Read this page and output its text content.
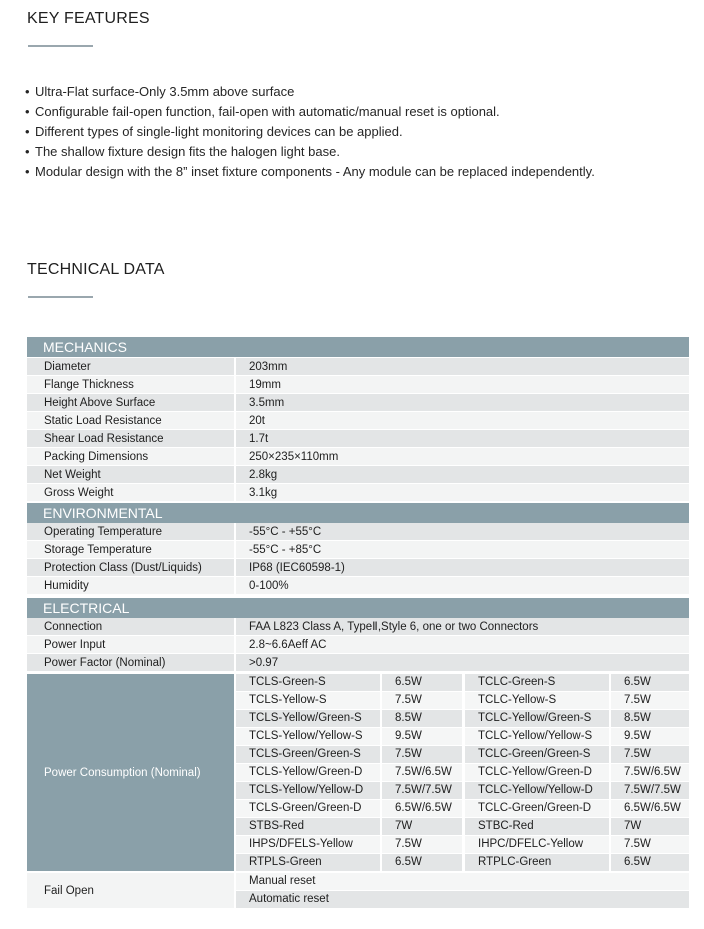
KEY FEATURES
• Ultra-Flat surface-Only 3.5mm above surface
• Configurable fail-open function, fail-open with automatic/manual reset is optional.
• Different types of single-light monitoring devices can be applied.
• The shallow fixture design fits the halogen light base.
• Modular design with the 8” inset fixture components - Any module can be replaced independently.
TECHNICAL DATA
MECHANICS
Diameter	203mm
Flange Thickness	19mm
Height Above Surface	3.5mm
Static Load Resistance	20t
Shear Load Resistance	1.7t
Packing Dimensions	250×235×110mm
Net Weight	2.8kg
Gross Weight	3.1kg
ENVIRONMENTAL
Operating Temperature	-55°C - +55°C
Storage Temperature	-55°C - +85°C
Protection Class (Dust/Liquids)	IP68 (IEC60598-1)
Humidity	0-100%
ELECTRICAL
Connection	FAA L823 Class A, TypeⅡ,Style 6, one or two Connectors
Power Input	2.8~6.6Aeff AC
Power Factor (Nominal)	>0.97
Power Consumption (Nominal)
TCLS-Green-S	6.5W	TCLC-Green-S	6.5W
TCLS-Yellow-S	7.5W	TCLC-Yellow-S	7.5W
TCLS-Yellow/Green-S	8.5W	TCLC-Yellow/Green-S	8.5W
TCLS-Yellow/Yellow-S	9.5W	TCLC-Yellow/Yellow-S	9.5W
TCLS-Green/Green-S	7.5W	TCLC-Green/Green-S	7.5W
TCLS-Yellow/Green-D	7.5W/6.5W	TCLC-Yellow/Green-D	7.5W/6.5W
TCLS-Yellow/Yellow-D	7.5W/7.5W	TCLC-Yellow/Yellow-D	7.5W/7.5W
TCLS-Green/Green-D	6.5W/6.5W	TCLC-Green/Green-D	6.5W/6.5W
STBS-Red	7W	STBC-Red	7W
IHPS/DFELS-Yellow	7.5W	IHPC/DFELC-Yellow	7.5W
RTPLS-Green	6.5W	RTPLC-Green	6.5W
Fail Open
Manual reset
Automatic reset
